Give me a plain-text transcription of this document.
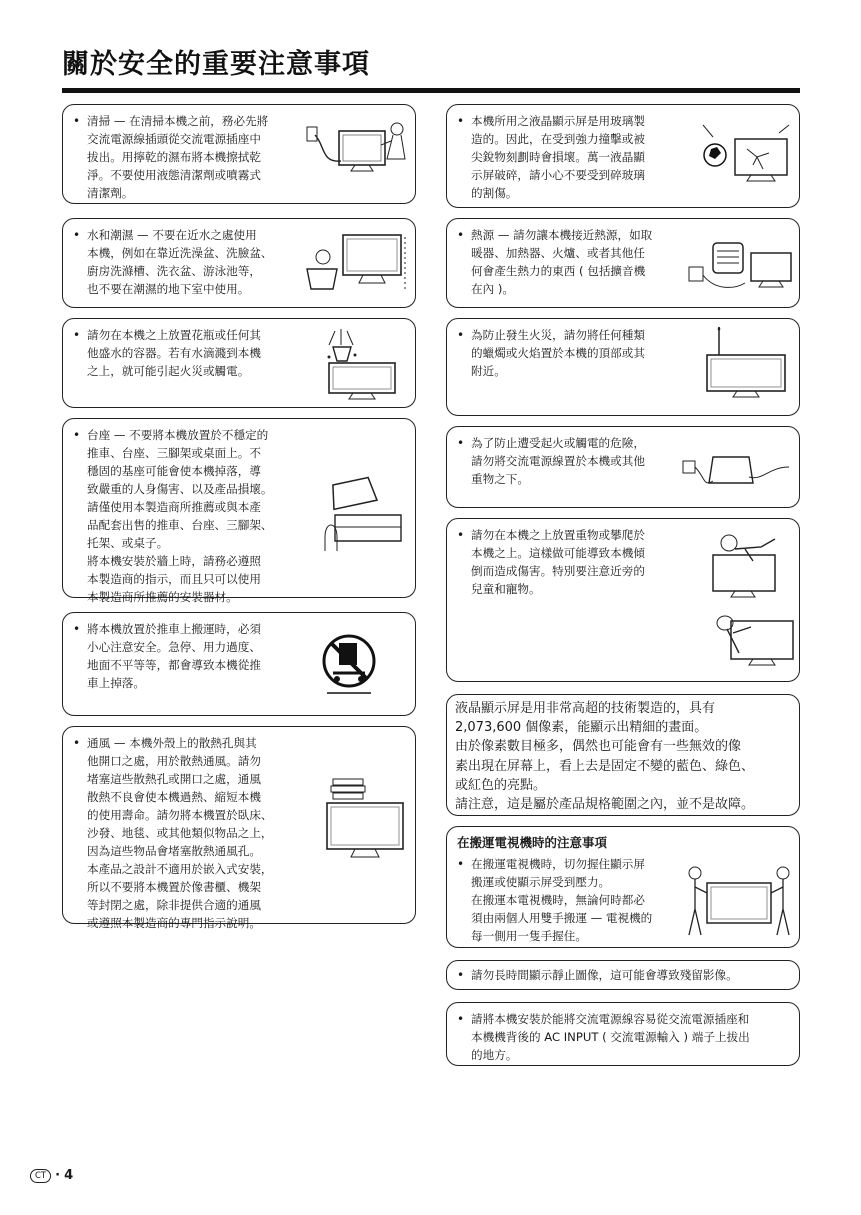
關於安全的重要注意事項
• 清掃 — 在清掃本機之前，務必先將
交流電源線插頭從交流電源插座中
拔出。用擰乾的濕布將本機擦拭乾
淨。不要使用液態清潔劑或噴霧式
清潔劑。
• 水和潮濕 — 不要在近水之處使用
本機，例如在靠近洗澡盆、洗臉盆、
廚房洗滌槽、洗衣盆、游泳池等，
也不要在潮濕的地下室中使用。
• 請勿在本機之上放置花瓶或任何其
他盛水的容器。若有水滴濺到本機
之上，就可能引起火災或觸電。
• 台座 — 不要將本機放置於不穩定的
推車、台座、三腳架或桌面上。不
穩固的基座可能會使本機掉落，導
致嚴重的人身傷害、以及產品損壞。
請僅使用本製造商所推薦或與本產
品配套出售的推車、台座、三腳架、
托架、或桌子。
將本機安裝於牆上時，請務必遵照
本製造商的指示，而且只可以使用
本製造商所推薦的安裝器材。
• 將本機放置於推車上搬運時，必須
小心注意安全。急停、用力過度、
地面不平等等，都會導致本機從推
車上掉落。
• 通風 — 本機外殼上的散熱孔與其
他開口之處，用於散熱通風。請勿
堵塞這些散熱孔或開口之處，通風
散熱不良會使本機過熱、縮短本機
的使用壽命。請勿將本機置於臥床、
沙發、地毯、或其他類似物品之上，
因為這些物品會堵塞散熱通風孔。
本產品之設計不適用於嵌入式安裝，
所以不要將本機置於像書櫃、機架
等封閉之處，除非提供合適的通風
或遵照本製造商的專門指示說明。
• 本機所用之液晶顯示屏是用玻璃製
造的。因此，在受到強力撞擊或被
尖銳物刻劃時會損壞。萬一液晶顯
示屏破碎，請小心不要受到碎玻璃
的割傷。
• 熱源 — 請勿讓本機接近熱源，如取
暖器、加熱器、火爐、或者其他任
何會產生熱力的東西 ( 包括擴音機
在內 )。
• 為防止發生火災，請勿將任何種類
的蠟燭或火焰置於本機的頂部或其
附近。
• 為了防止遭受起火或觸電的危險，
請勿將交流電源線置於本機或其他
重物之下。
• 請勿在本機之上放置重物或攀爬於
本機之上。這樣做可能導致本機傾
倒而造成傷害。特別要注意近旁的
兒童和寵物。
液晶顯示屏是用非常高超的技術製造的，具有
2,073,600 個像素，能顯示出精細的畫面。
由於像素數目極多，偶然也可能會有一些無效的像
素出現在屏幕上，看上去是固定不變的藍色、綠色、
或紅色的亮點。
請注意，這是屬於產品規格範圍之內，並不是故障。
在搬運電視機時的注意事項
• 在搬運電視機時，切勿握住顯示屏
搬運或使顯示屏受到壓力。
在搬運本電視機時，無論何時都必
須由兩個人用雙手搬運 — 電視機的
每一側用一隻手握住。
• 請勿長時間顯示靜止圖像，這可能會導致殘留影像。
• 請將本機安裝於能將交流電源線容易從交流電源插座和
本機機背後的 AC INPUT ( 交流電源輸入 ) 端子上拔出
的地方。
CT · 4
